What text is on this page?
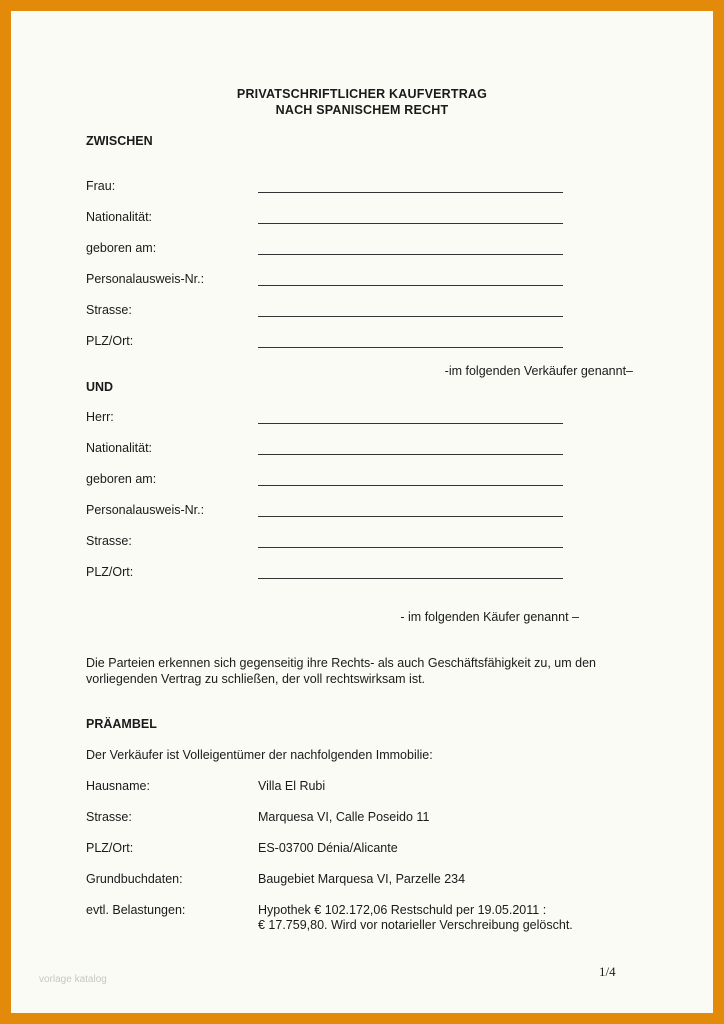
PRIVATSCHRIFTLICHER KAUFVERTRAG
NACH SPANISCHEM RECHT
ZWISCHEN
Frau:
Nationalität:
geboren am:
Personalausweis-Nr.:
Strasse:
PLZ/Ort:
-im folgenden Verkäufer genannt–
UND
Herr:
Nationalität:
geboren am:
Personalausweis-Nr.:
Strasse:
PLZ/Ort:
- im folgenden Käufer genannt –
Die Parteien erkennen sich gegenseitig ihre Rechts- als auch Geschäftsfähigkeit zu, um den
vorliegenden Vertrag zu schließen, der voll rechtswirksam ist.
PRÄAMBEL
Der Verkäufer ist Volleigentümer der nachfolgenden Immobilie:
Hausname:	Villa El Rubi
Strasse:	Marquesa VI, Calle Poseido 11
PLZ/Ort:	ES-03700 Dénia/Alicante
Grundbuchdaten:	Baugebiet Marquesa VI, Parzelle 234
evtl. Belastungen:	Hypothek € 102.172,06 Restschuld per 19.05.2011 :
€ 17.759,80. Wird vor notarieller Verschreibung gelöscht.
vorlage katalog
1/4
